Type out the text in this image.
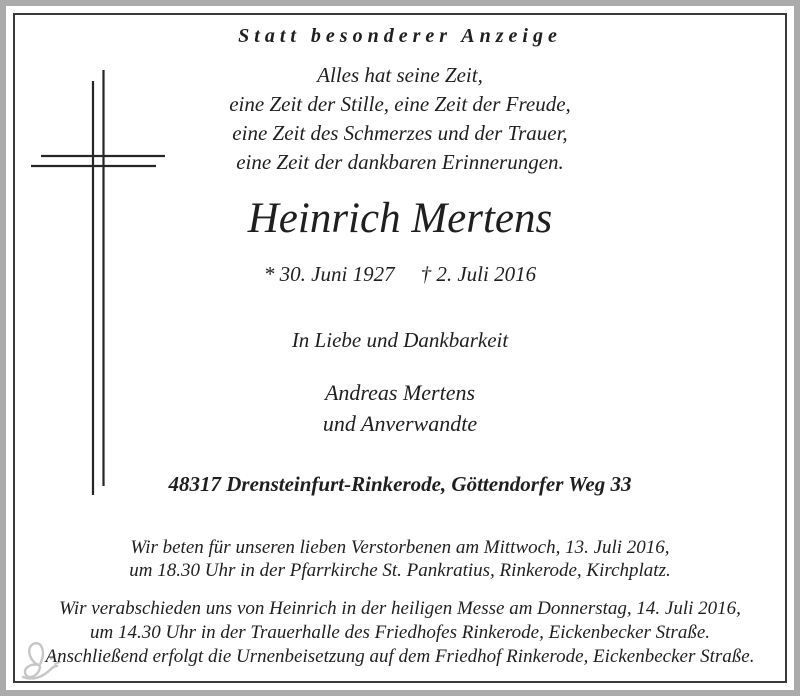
Statt besonderer Anzeige
Alles hat seine Zeit,
eine Zeit der Stille, eine Zeit der Freude,
eine Zeit des Schmerzes und der Trauer,
eine Zeit der dankbaren Erinnerungen.
Heinrich Mertens
* 30. Juni 1927 † 2. Juli 2016
In Liebe und Dankbarkeit
Andreas Mertens
und Anverwandte
48317 Drensteinfurt-Rinkerode, Göttendorfer Weg 33
Wir beten für unseren lieben Verstorbenen am Mittwoch, 13. Juli 2016,
um 18.30 Uhr in der Pfarrkirche St. Pankratius, Rinkerode, Kirchplatz.
Wir verabschieden uns von Heinrich in der heiligen Messe am Donnerstag, 14. Juli 2016,
um 14.30 Uhr in der Trauerhalle des Friedhofes Rinkerode, Eickenbecker Straße.
Anschließend erfolgt die Urnenbeisetzung auf dem Friedhof Rinkerode, Eickenbecker Straße.
